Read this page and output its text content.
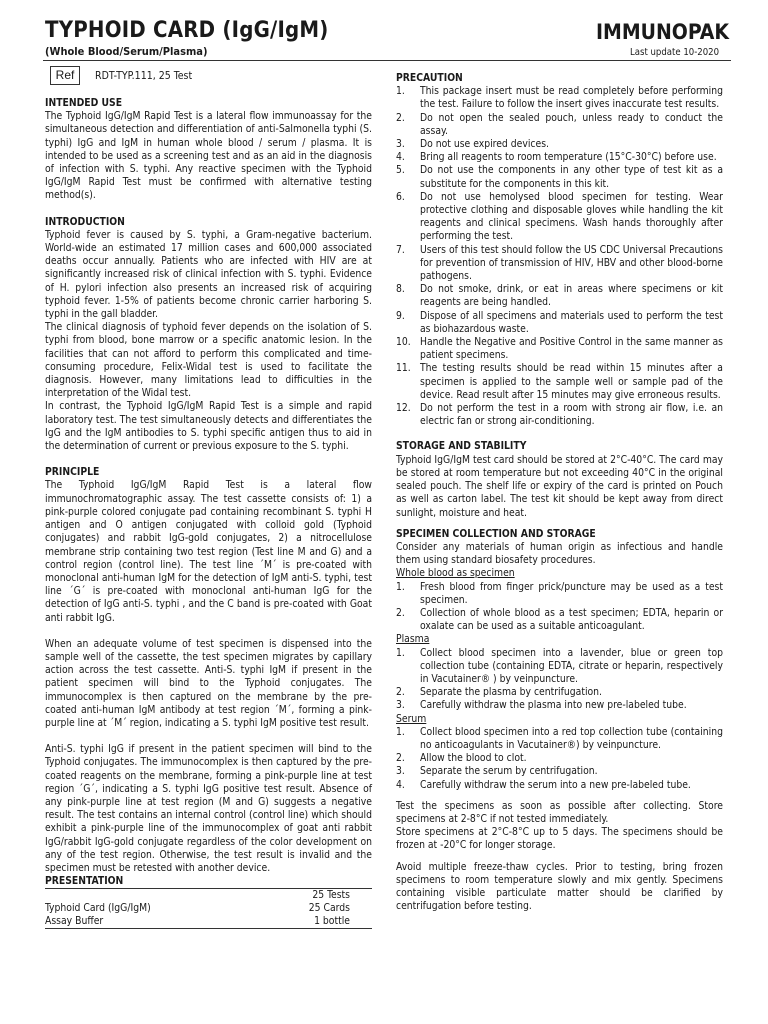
TYPHOID CARD (IgG/IgM)	IMMUNOPAK
(Whole Blood/Serum/Plasma)	Last update 10-2020
Ref	RDT-TYP.111, 25 Test

INTENDED USE

The Typhoid IgG/IgM Rapid Test is a lateral flow immunoassay for the simultaneous detection and differentiation of anti-Salmonella typhi (S. typhi) IgG and IgM in human whole blood / serum / plasma. It is intended to be used as a screening test and as an aid in the diagnosis of infection with S. typhi. Any reactive specimen with the Typhoid IgG/IgM Rapid Test must be confirmed with alternative testing method(s).

INTRODUCTION

Typhoid fever is caused by S. typhi, a Gram-negative bacterium. World-wide an estimated 17 million cases and 600,000 associated deaths occur annually. Patients who are infected with HIV are at significantly increased risk of clinical infection with S. typhi. Evidence of H. pylori infection also presents an increased risk of acquiring typhoid fever. 1-5% of patients become chronic carrier harboring S. typhi in the gall bladder.

The clinical diagnosis of typhoid fever depends on the isolation of S. typhi from blood, bone marrow or a specific anatomic lesion. In the facilities that can not afford to perform this complicated and time-consuming procedure, Felix-Widal test is used to facilitate the diagnosis. However, many limitations lead to difficulties in the interpretation of the Widal test.

In contrast, the Typhoid IgG/IgM Rapid Test is a simple and rapid laboratory test. The test simultaneously detects and differentiates the IgG and the IgM antibodies to S. typhi specific antigen thus to aid in the determination of current or previous exposure to the S. typhi.

PRINCIPLE

The Typhoid IgG/IgM Rapid Test is a lateral flow immunochromatographic assay. The test cassette consists of: 1) a pink-purple colored conjugate pad containing recombinant S. typhi H antigen and O antigen conjugated with colloid gold (Typhoid conjugates) and rabbit IgG-gold conjugates, 2) a nitrocellulose membrane strip containing two test region (Test line M and G) and a control region (control line). The test line ´M´ is pre-coated with monoclonal anti-human IgM for the detection of IgM anti-S. typhi, test line ´G´ is pre-coated with monoclonal anti-human IgG for the detection of IgG anti-S. typhi , and the C band is pre-coated with Goat anti rabbit IgG.

When an adequate volume of test specimen is dispensed into the sample well of the cassette, the test specimen migrates by capillary action across the test cassette. Anti-S. typhi IgM if present in the patient specimen will bind to the Typhoid conjugates. The immunocomplex is then captured on the membrane by the pre-coated anti-human IgM antibody at test region ´M´, forming a pink-purple line at ´M´ region, indicating a S. typhi IgM positive test result.

Anti-S. typhi IgG if present in the patient specimen will bind to the Typhoid conjugates. The immunocomplex is then captured by the pre-coated reagents on the membrane, forming a pink-purple line at test region ´G´, indicating a S. typhi IgG positive test result. Absence of any pink-purple line at test region (M and G) suggests a negative result. The test contains an internal control (control line) which should exhibit a pink-purple line of the immunocomplex of goat anti rabbit IgG/rabbit IgG-gold conjugate regardless of the color development on any of the test region. Otherwise, the test result is invalid and the specimen must be retested with another device.

PRESENTATION

	25 Tests
Typhoid Card (IgG/IgM)	25 Cards
Assay Buffer	1 bottle

PRECAUTION

1.	This package insert must be read completely before performing the test. Failure to follow the insert gives inaccurate test results.
2.	Do not open the sealed pouch, unless ready to conduct the assay.
3.	Do not use expired devices.
4.	Bring all reagents to room temperature (15°C-30°C) before use.
5.	Do not use the components in any other type of test kit as a substitute for the components in this kit.
6.	Do not use hemolysed blood specimen for testing. Wear protective clothing and disposable gloves while handling the kit reagents and clinical specimens. Wash hands thoroughly after performing the test.
7.	Users of this test should follow the US CDC Universal Precautions for prevention of transmission of HIV, HBV and other blood-borne pathogens.
8.	Do not smoke, drink, or eat in areas where specimens or kit reagents are being handled.
9.	Dispose of all specimens and materials used to perform the test as biohazardous waste.
10. Handle the Negative and Positive Control in the same manner as patient specimens.
11. The testing results should be read within 15 minutes after a specimen is applied to the sample well or sample pad of the device. Read result after 15 minutes may give erroneous results.
12. Do not perform the test in a room with strong air flow, i.e. an electric fan or strong air-conditioning.

STORAGE AND STABILITY

Typhoid IgG/IgM test card should be stored at 2°C-40°C. The card may be stored at room temperature but not exceeding 40°C in the original sealed pouch. The shelf life or expiry of the card is printed on Pouch as well as carton label. The test kit should be kept away from direct sunlight, moisture and heat.

SPECIMEN COLLECTION AND STORAGE

Consider any materials of human origin as infectious and handle them using standard biosafety procedures.

Whole blood as specimen

1.	Fresh blood from finger prick/puncture may be used as a test specimen.
2.	Collection of whole blood as a test specimen; EDTA, heparin or oxalate can be used as a suitable anticoagulant.

Plasma

1.	Collect blood specimen into a lavender, blue or green top collection tube (containing EDTA, citrate or heparin, respectively in Vacutainer® ) by veinpuncture.
2.	Separate the plasma by centrifugation.
3.	Carefully withdraw the plasma into new pre-labeled tube.

Serum

1.	Collect blood specimen into a red top collection tube (containing no anticoagulants in Vacutainer®) by veinpuncture.
2.	Allow the blood to clot.
3.	Separate the serum by centrifugation.
4.	Carefully withdraw the serum into a new pre-labeled tube.

Test the specimens as soon as possible after collecting. Store specimens at 2-8°C if not tested immediately.

Store specimens at 2°C-8°C up to 5 days. The specimens should be frozen at -20°C for longer storage.

Avoid multiple freeze-thaw cycles. Prior to testing, bring frozen specimens to room temperature slowly and mix gently. Specimens containing visible particulate matter should be clarified by centrifugation before testing.
